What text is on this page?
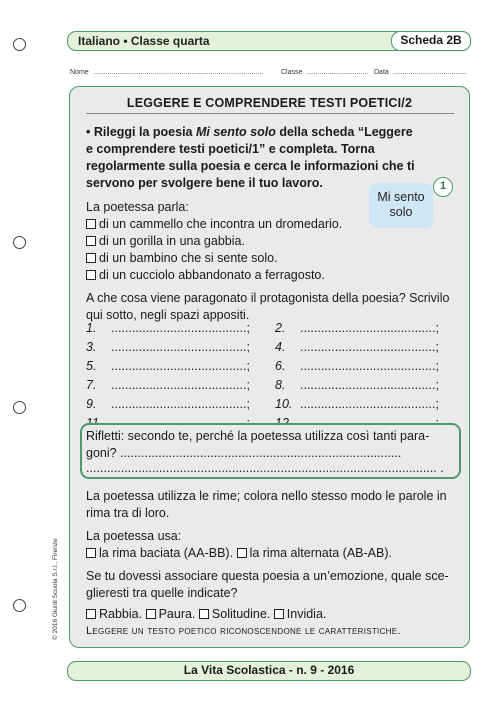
Italiano • Classe quarta	Scheda 2B
Nome .......................................................................................	Classe ................................ Data ......................................
LEGGERE E COMPRENDERE TESTI POETICI/2
• Rileggi la poesia Mi sento solo della scheda “Leggere
e comprendere testi poetici/1” e completa. Torna
regolarmente sulla poesia e cerca le informazioni che ti
servono per svolgere bene il tuo lavoro.
Mi sento
solo
1
La poetessa parla:
di un cammello che incontra un dromedario.
di un gorilla in una gabbia.
di un bambino che si sente solo.
di un cucciolo abbandonato a ferragosto.
A che cosa viene paragonato il protagonista della poesia? Scrivilo
qui sotto, negli spazi appositi.
1. .......................................; 2. .......................................;
3. .......................................; 4. .......................................;
5. .......................................; 6. .......................................;
7. .......................................; 8. .......................................;
9. .......................................; 10. .......................................;
Rifletti: secondo te, perché la poetessa utilizza così tanti para-
goni? .................................................................................
..................................................................................................... .
La poetessa utilizza le rime; colora nello stesso modo le parole in
rima tra di loro.
La poetessa usa:
la rima baciata (AA-BB). la rima alternata (AB-AB).
Se tu dovessi associare questa poesia a un’emozione, quale sce-
glieresti tra quelle indicate?
Rabbia. Paura. Solitudine. Invidia.
Leggere un testo poetico riconoscendone le caratteristiche.
La Vita Scolastica - n. 9 - 2016
© 2016 Giunti Scuola S.r.l., Firenze
